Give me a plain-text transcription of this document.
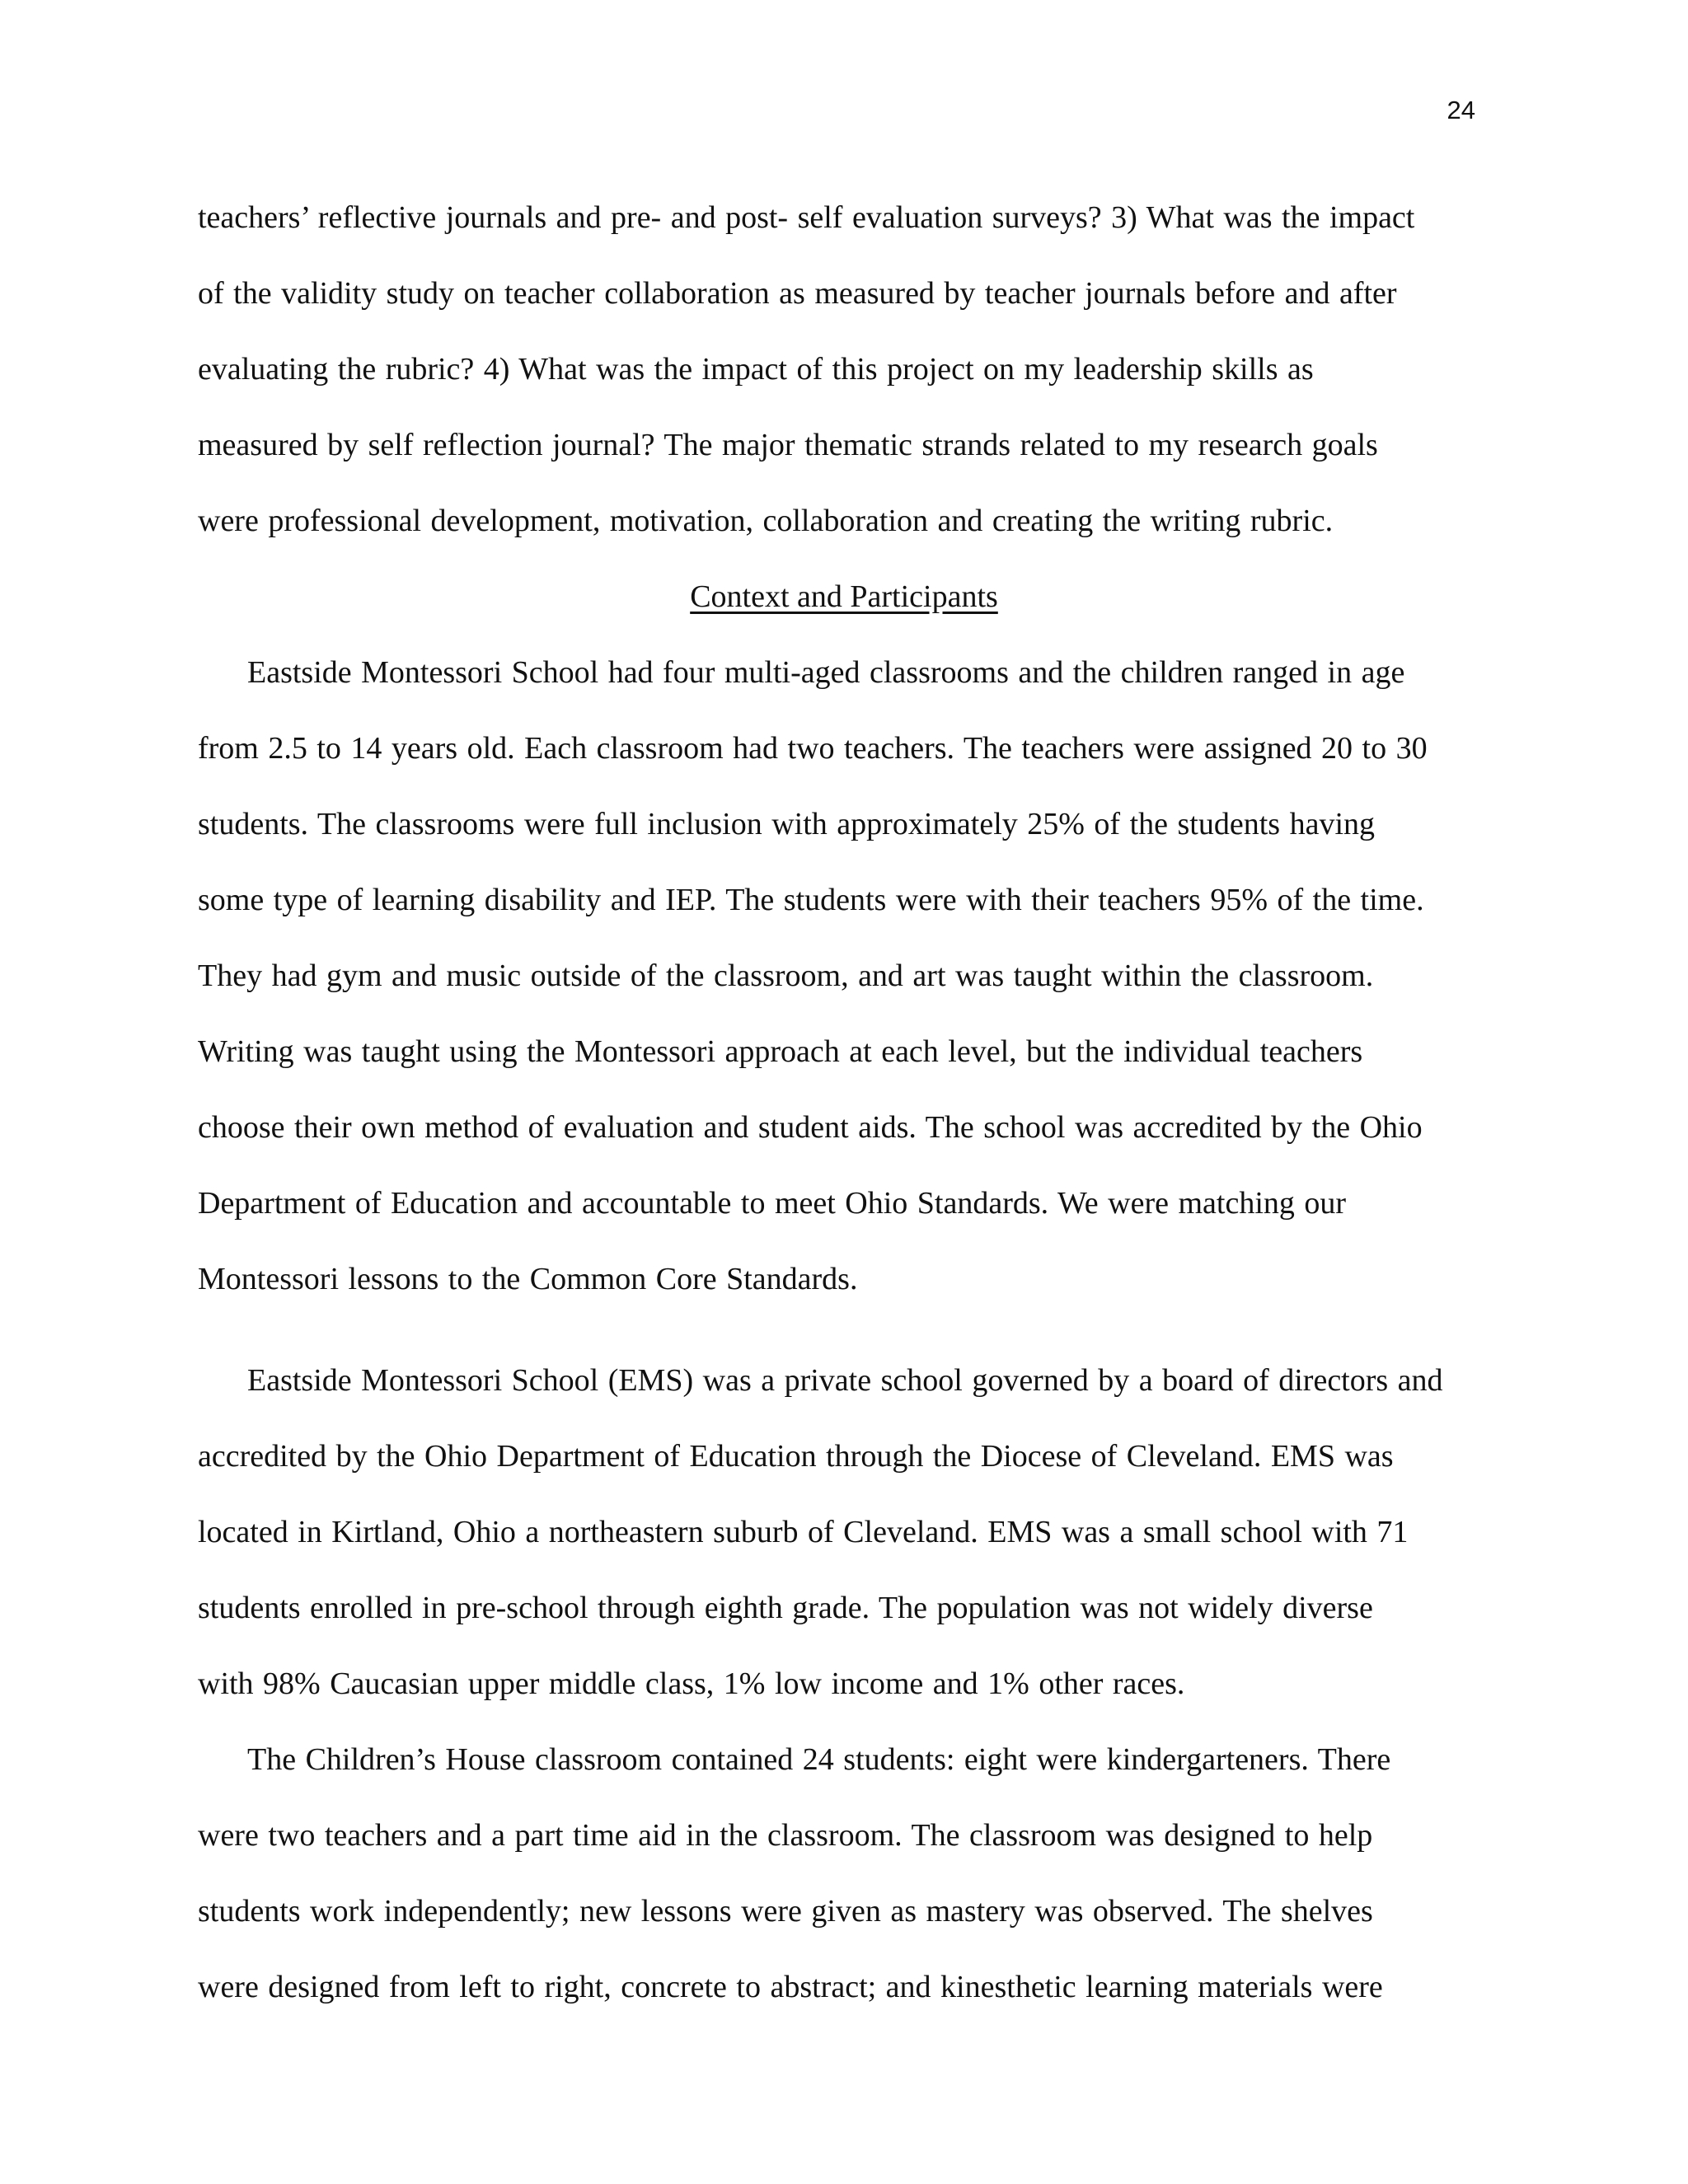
24
teachers’ reflective journals and pre- and post- self evaluation surveys? 3) What was the impact
of the validity study on teacher collaboration as measured by teacher journals before and after
evaluating the rubric? 4) What was the impact of this project on my leadership skills as
measured by self reflection journal? The major thematic strands related to my research goals
were professional development, motivation, collaboration and creating the writing rubric.
Context and Participants
Eastside Montessori School had four multi-aged classrooms and the children ranged in age
from 2.5 to 14 years old. Each classroom had two teachers. The teachers were assigned 20 to 30
students. The classrooms were full inclusion with approximately 25% of the students having
some type of learning disability and IEP. The students were with their teachers 95% of the time.
They had gym and music outside of the classroom, and art was taught within the classroom.
Writing was taught using the Montessori approach at each level, but the individual teachers
choose their own method of evaluation and student aids. The school was accredited by the Ohio
Department of Education and accountable to meet Ohio Standards. We were matching our
Montessori lessons to the Common Core Standards.
Eastside Montessori School (EMS) was a private school governed by a board of directors and
accredited by the Ohio Department of Education through the Diocese of Cleveland. EMS was
located in Kirtland, Ohio a northeastern suburb of Cleveland. EMS was a small school with 71
students enrolled in pre-school through eighth grade. The population was not widely diverse
with 98% Caucasian upper middle class, 1% low income and 1% other races.
The Children’s House classroom contained 24 students: eight were kindergarteners. There
were two teachers and a part time aid in the classroom. The classroom was designed to help
students work independently; new lessons were given as mastery was observed. The shelves
were designed from left to right, concrete to abstract; and kinesthetic learning materials were
